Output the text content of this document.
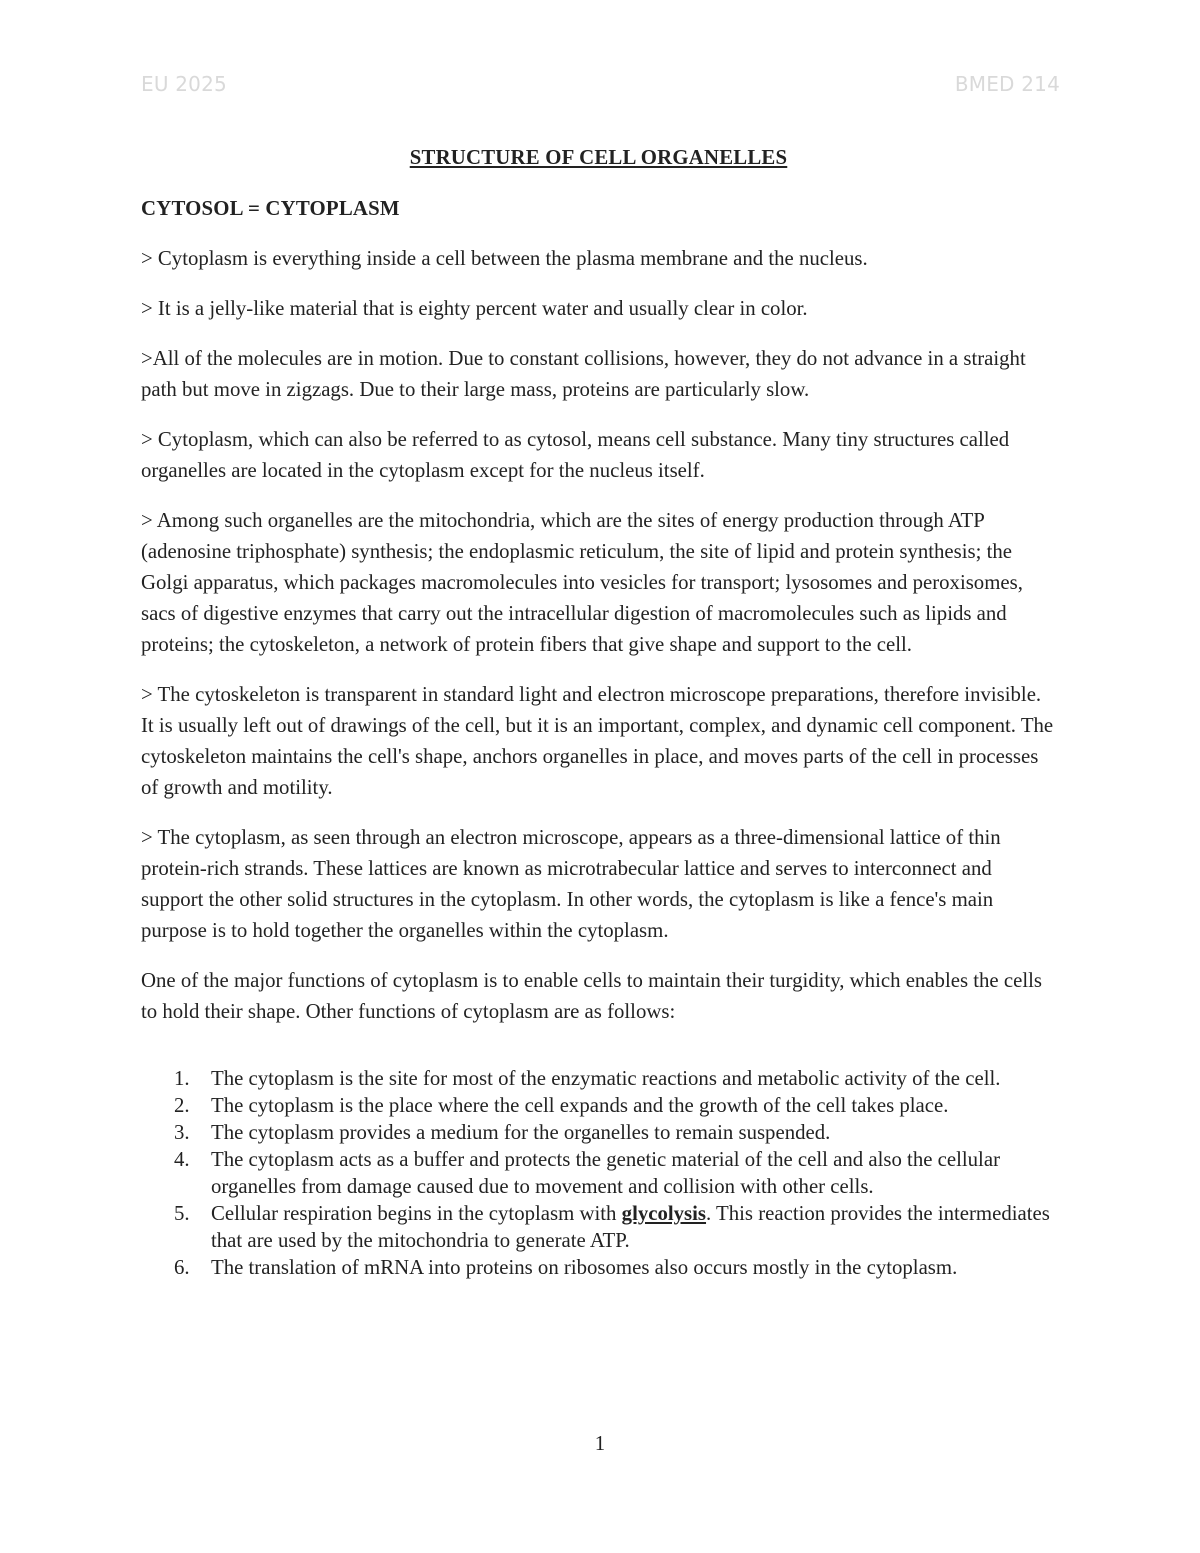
EU 2025	BMED 214
STRUCTURE OF CELL ORGANELLES
CYTOSOL = CYTOPLASM

> Cytoplasm is everything inside a cell between the plasma membrane and the nucleus.

> It is a jelly-like material that is eighty percent water and usually clear in color.

>All of the molecules are in motion. Due to constant collisions, however, they do not advance in a straight path but move in zigzags. Due to their large mass, proteins are particularly slow.

> Cytoplasm, which can also be referred to as cytosol, means cell substance. Many tiny structures called organelles are located in the cytoplasm except for the nucleus itself.

> Among such organelles are the mitochondria, which are the sites of energy production through ATP (adenosine triphosphate) synthesis; the endoplasmic reticulum, the site of lipid and protein synthesis; the Golgi apparatus, which packages macromolecules into vesicles for transport; lysosomes and peroxisomes, sacs of digestive enzymes that carry out the intracellular digestion of macromolecules such as lipids and proteins; the cytoskeleton, a network of protein fibers that give shape and support to the cell.

> The cytoskeleton is transparent in standard light and electron microscope preparations, therefore invisible. It is usually left out of drawings of the cell, but it is an important, complex, and dynamic cell component. The cytoskeleton maintains the cell's shape, anchors organelles in place, and moves parts of the cell in processes of growth and motility.

> The cytoplasm, as seen through an electron microscope, appears as a three-dimensional lattice of thin protein-rich strands. These lattices are known as microtrabecular lattice and serves to interconnect and support the other solid structures in the cytoplasm. In other words, the cytoplasm is like a fence's main purpose is to hold together the organelles within the cytoplasm.

One of the major functions of cytoplasm is to enable cells to maintain their turgidity, which enables the cells to hold their shape. Other functions of cytoplasm are as follows:

1. The cytoplasm is the site for most of the enzymatic reactions and metabolic activity of the cell.
2. The cytoplasm is the place where the cell expands and the growth of the cell takes place.
3. The cytoplasm provides a medium for the organelles to remain suspended.
4. The cytoplasm acts as a buffer and protects the genetic material of the cell and also the cellular organelles from damage caused due to movement and collision with other cells.
5. Cellular respiration begins in the cytoplasm with glycolysis. This reaction provides the intermediates that are used by the mitochondria to generate ATP.
6. The translation of mRNA into proteins on ribosomes also occurs mostly in the cytoplasm.
1
